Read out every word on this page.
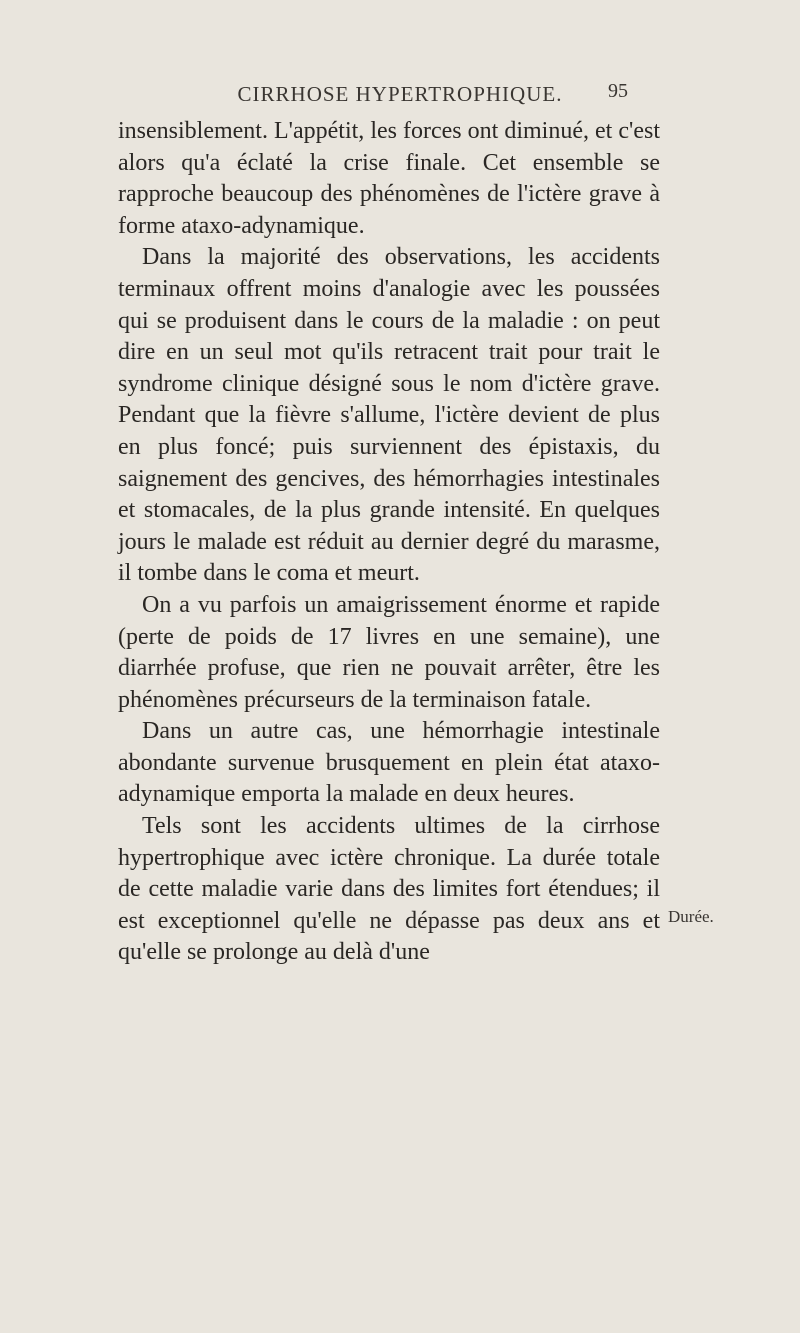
CIRRHOSE HYPERTROPHIQUE.	95

insensiblement. L'appétit, les forces ont diminué, et c'est alors qu'a éclaté la crise finale. Cet ensemble se rapproche beaucoup des phénomènes de l'ictère grave à forme ataxo-adynamique.

Dans la majorité des observations, les accidents terminaux offrent moins d'analogie avec les poussées qui se produisent dans le cours de la maladie : on peut dire en un seul mot qu'ils retracent trait pour trait le syndrome clinique désigné sous le nom d'ictère grave. Pendant que la fièvre s'allume, l'ictère devient de plus en plus foncé; puis surviennent des épistaxis, du saignement des gencives, des hémorrhagies intestinales et stomacales, de la plus grande intensité. En quelques jours le malade est réduit au dernier degré du marasme, il tombe dans le coma et meurt.

On a vu parfois un amaigrissement énorme et rapide (perte de poids de 17 livres en une semaine), une diarrhée profuse, que rien ne pouvait arrêter, être les phénomènes précurseurs de la terminaison fatale.

Dans un autre cas, une hémorrhagie intestinale abondante survenue brusquement en plein état ataxo-adynamique emporta la malade en deux heures.

Tels sont les accidents ultimes de la cirrhose hypertrophique avec ictère chronique. La durée totale de cette maladie varie dans des limites fort étendues; il est exceptionnel qu'elle ne dépasse pas deux ans et qu'elle se prolonge au delà d'une

Durée.
